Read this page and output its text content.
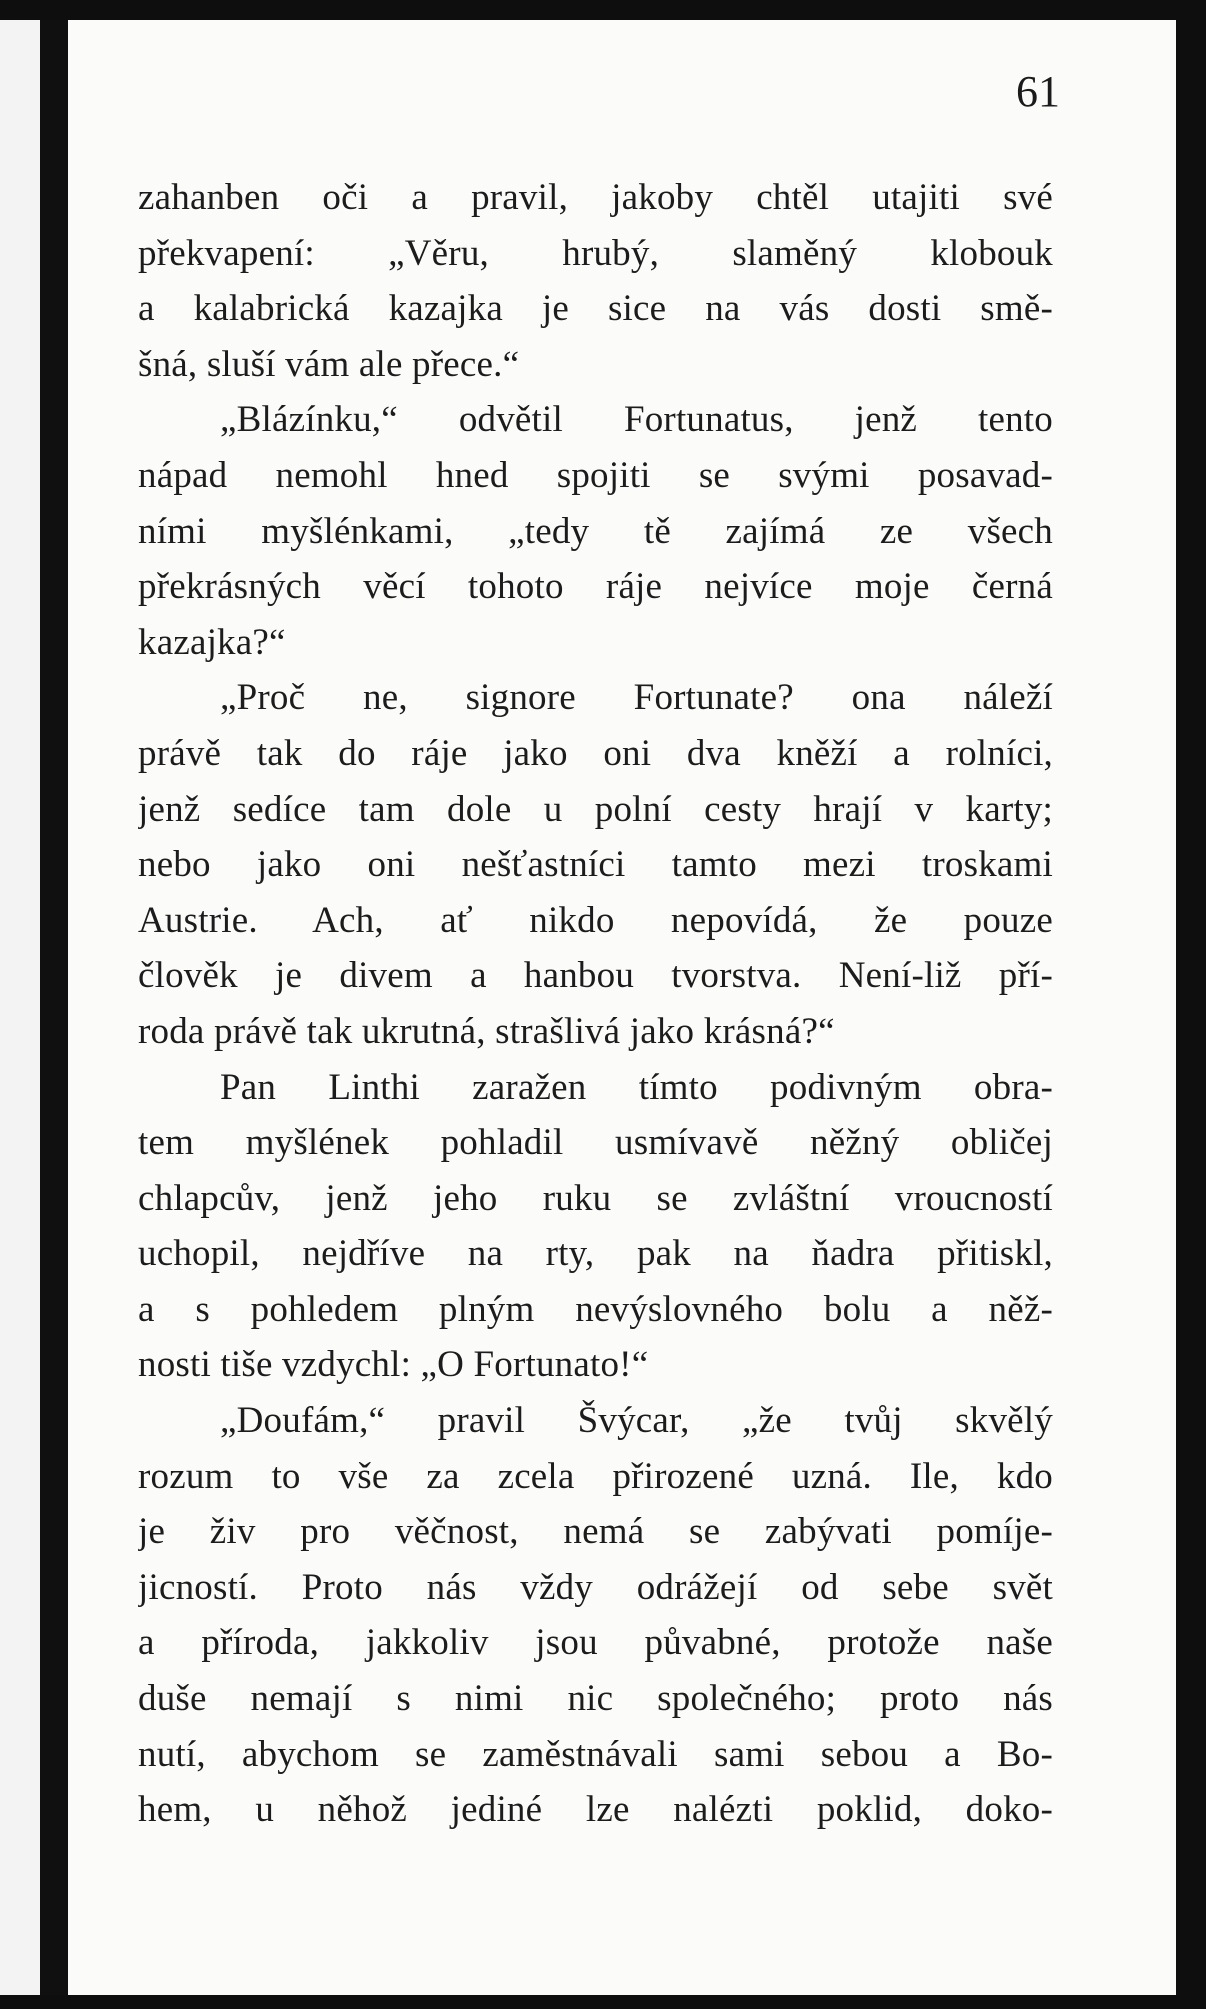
61
zahanben oči a pravil, jakoby chtěl utajiti své
překvapení: „Věru, hrubý, slaměný klobouk
a kalabrická kazajka je sice na vás dosti smě-
šná, sluší vám ale přece.“
„Blázínku,“ odvětil Fortunatus, jenž tento
nápad nemohl hned spojiti se svými posavad-
ními myšlénkami, „tedy tě zajímá ze všech
překrásných věcí tohoto ráje nejvíce moje černá
kazajka?“
„Proč ne, signore Fortunate? ona náleží
právě tak do ráje jako oni dva kněží a rolníci,
jenž sedíce tam dole u polní cesty hrají v karty;
nebo jako oni nešťastníci tamto mezi troskami
Austrie. Ach, ať nikdo nepovídá, že pouze
člověk je divem a hanbou tvorstva. Není-liž pří-
roda právě tak ukrutná, strašlivá jako krásná?“
Pan Linthi zaražen tímto podivným obra-
tem myšlének pohladil usmívavě něžný obličej
chlapcův, jenž jeho ruku se zvláštní vroucností
uchopil, nejdříve na rty, pak na ňadra přitiskl,
a s pohledem plným nevýslovného bolu a něž-
nosti tiše vzdychl: „O Fortunato!“
„Doufám,“ pravil Švýcar, „že tvůj skvělý
rozum to vše za zcela přirozené uzná. Ile, kdo
je živ pro věčnost, nemá se zabývati pomíje-
jicností. Proto nás vždy odrážejí od sebe svět
a příroda, jakkoliv jsou půvabné, protože naše
duše nemají s nimi nic společného; proto nás
nutí, abychom se zaměstnávali sami sebou a Bo-
hem, u něhož jediné lze nalézti poklid, doko-
